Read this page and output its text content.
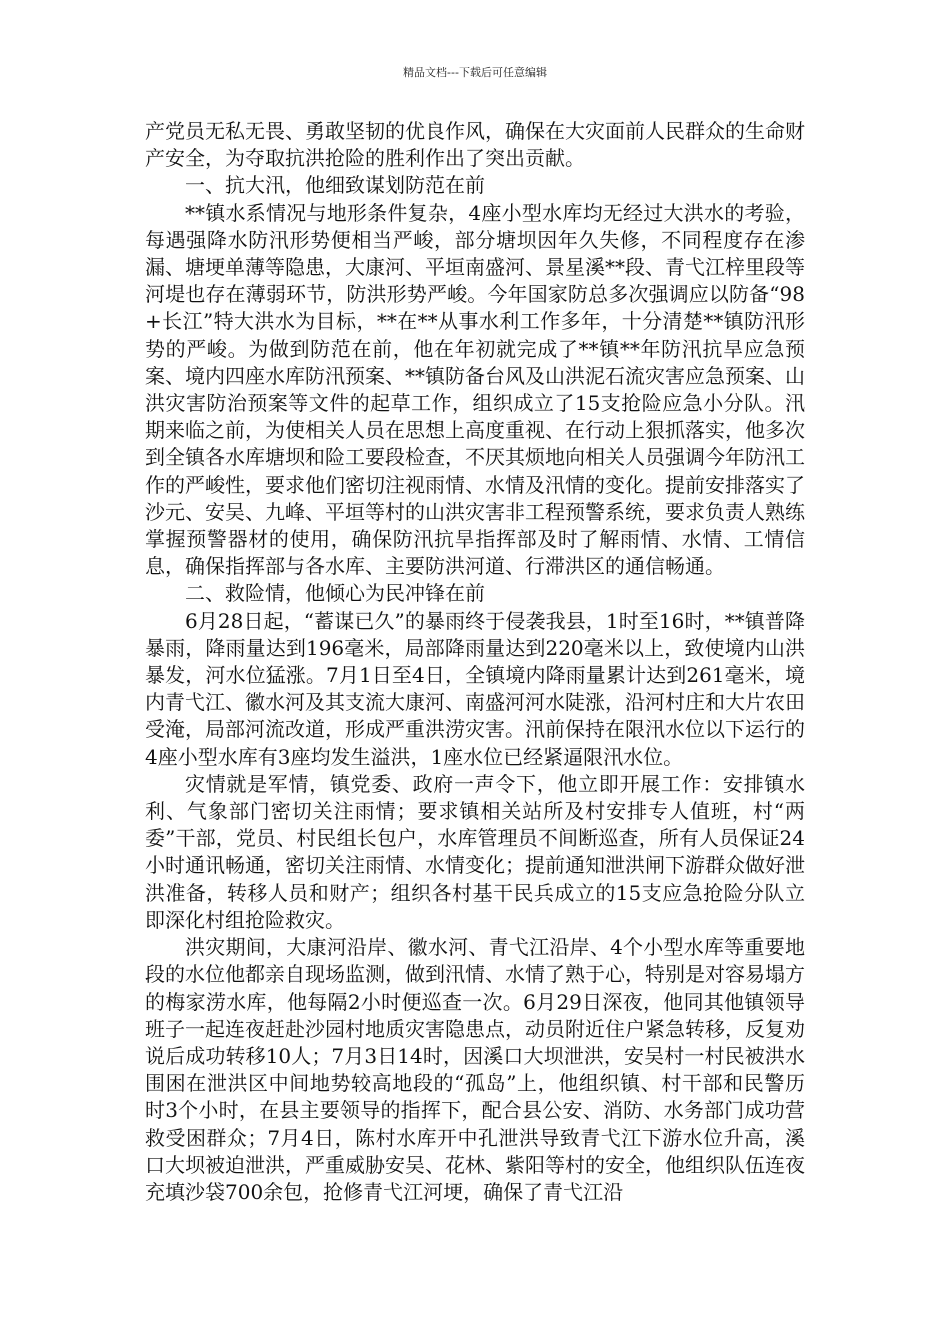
精品文档---下载后可任意编辑

产党员无私无畏、勇敢坚韧的优良作风，确保在大灾面前人民群众的生命财产安全，为夺取抗洪抢险的胜利作出了突出贡献。

一、抗大汛，他细致谋划防范在前

**镇水系情况与地形条件复杂，4座小型水库均无经过大洪水的考验，每遇强降水防汛形势便相当严峻，部分塘坝因年久失修，不同程度存在渗漏、塘埂单薄等隐患，大康河、平垣南盛河、景星溪**段、青弋江梓里段等河堤也存在薄弱环节，防洪形势严峻。今年国家防总多次强调应以防备“98+长江”特大洪水为目标，**在**从事水利工作多年，十分清楚**镇防汛形势的严峻。为做到防范在前，他在年初就完成了**镇**年防汛抗旱应急预案、境内四座水库防汛预案、**镇防备台风及山洪泥石流灾害应急预案、山洪灾害防治预案等文件的起草工作，组织成立了15支抢险应急小分队。汛期来临之前，为使相关人员在思想上高度重视、在行动上狠抓落实，他多次到全镇各水库塘坝和险工要段检查，不厌其烦地向相关人员强调今年防汛工作的严峻性，要求他们密切注视雨情、水情及汛情的变化。提前安排落实了沙元、安吴、九峰、平垣等村的山洪灾害非工程预警系统，要求负责人熟练掌握预警器材的使用，确保防汛抗旱指挥部及时了解雨情、水情、工情信息，确保指挥部与各水库、主要防洪河道、行滞洪区的通信畅通。

二、救险情，他倾心为民冲锋在前

6月28日起，“蓄谋已久”的暴雨终于侵袭我县，1时至16时，**镇普降暴雨，降雨量达到196毫米，局部降雨量达到220毫米以上，致使境内山洪暴发，河水位猛涨。7月1日至4日，全镇境内降雨量累计达到261毫米，境内青弋江、徽水河及其支流大康河、南盛河河水陡涨，沿河村庄和大片农田受淹，局部河流改道，形成严重洪涝灾害。汛前保持在限汛水位以下运行的4座小型水库有3座均发生溢洪，1座水位已经紧逼限汛水位。

灾情就是军情，镇党委、政府一声令下，他立即开展工作：安排镇水利、气象部门密切关注雨情；要求镇相关站所及村安排专人值班，村“两委”干部，党员、村民组长包户，水库管理员不间断巡查，所有人员保证24小时通讯畅通，密切关注雨情、水情变化；提前通知泄洪闸下游群众做好泄洪准备，转移人员和财产；组织各村基干民兵成立的15支应急抢险分队立即深化村组抢险救灾。

洪灾期间，大康河沿岸、徽水河、青弋江沿岸、4个小型水库等重要地段的水位他都亲自现场监测，做到汛情、水情了熟于心，特别是对容易塌方的梅家涝水库，他每隔2小时便巡查一次。6月29日深夜，他同其他镇领导班子一起连夜赶赴沙园村地质灾害隐患点，动员附近住户紧急转移，反复劝说后成功转移10人；7月3日14时，因溪口大坝泄洪，安吴村一村民被洪水围困在泄洪区中间地势较高地段的“孤岛”上，他组织镇、村干部和民警历时3个小时，在县主要领导的指挥下，配合县公安、消防、水务部门成功营救受困群众；7月4日，陈村水库开中孔泄洪导致青弋江下游水位升高，溪口大坝被迫泄洪，严重威胁安吴、花林、紫阳等村的安全，他组织队伍连夜充填沙袋700余包，抢修青弋江河埂，确保了青弋江沿
